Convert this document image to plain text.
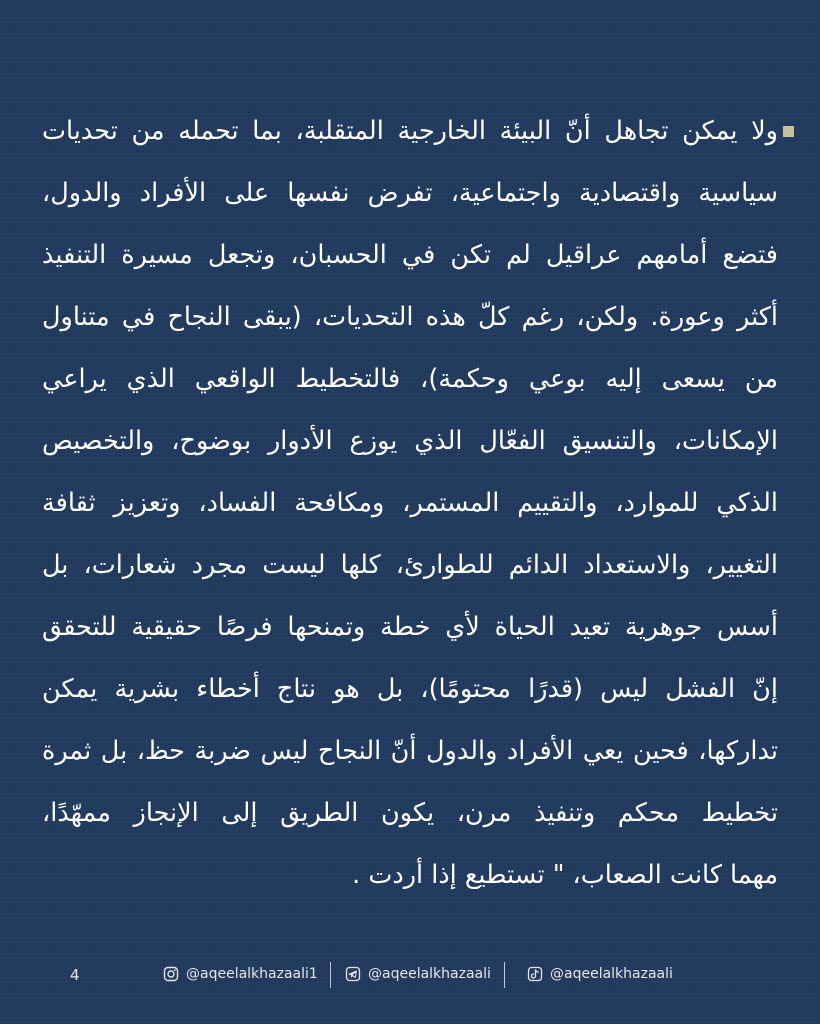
ولا يمكن تجاهل أنّ البيئة الخارجية المتقلبة، بما تحمله من تحديات
سياسية واقتصادية واجتماعية، تفرض نفسها على الأفراد والدول،
فتضع أمامهم عراقيل لم تكن في الحسبان، وتجعل مسيرة التنفيذ
أكثر وعورة. ولكن، رغم كلّ هذه التحديات، (يبقى النجاح في متناول
من يسعى إليه بوعي وحكمة)، فالتخطيط الواقعي الذي يراعي
الإمكانات، والتنسيق الفعّال الذي يوزع الأدوار بوضوح، والتخصيص
الذكي للموارد، والتقييم المستمر، ومكافحة الفساد، وتعزيز ثقافة
التغيير، والاستعداد الدائم للطوارئ، كلها ليست مجرد شعارات، بل
أسس جوهرية تعيد الحياة لأي خطة وتمنحها فرصًا حقيقية للتحقق
إنّ الفشل ليس (قدرًا محتومًا)، بل هو نتاج أخطاء بشرية يمكن
تداركها، فحين يعي الأفراد والدول أنّ النجاح ليس ضربة حظ، بل ثمرة
تخطيط محكم وتنفيذ مرن، يكون الطريق إلى الإنجاز ممهّدًا،
مهما كانت الصعاب، " تستطيع إذا أردت .
4	@aqeelalkhazaali1	@aqeelalkhazaali	@aqeelalkhazaali
